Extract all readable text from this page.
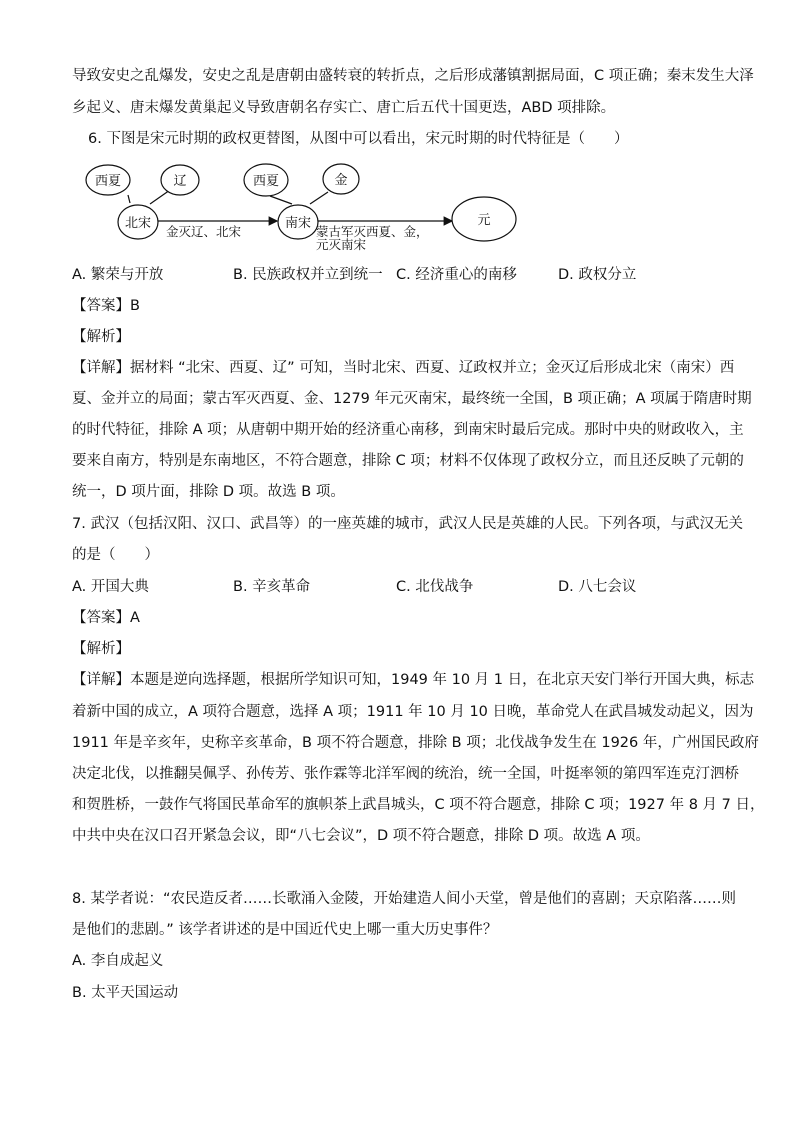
导致安史之乱爆发，安史之乱是唐朝由盛转衰的转折点，之后形成藩镇割据局面，C 项正确；秦末发生大泽
乡起义、唐末爆发黄巢起义导致唐朝名存实亡、唐亡后五代十国更迭，ABD 项排除。
6. 下图是宋元时期的政权更替图，从图中可以看出，宋元时期的时代特征是（　　）
西夏	辽
北宋
西夏	金
南宋	元
金灭辽、北宋	蒙古军灭西夏、金，
元灭南宋
A. 繁荣与开放	B. 民族政权并立到统一 C. 经济重心的南移	D. 政权分立
【答案】B
【解析】
【详解】据材料 “北宋、西夏、辽” 可知，当时北宋、西夏、辽政权并立；金灭辽后形成北宋（南宋）西
夏、金并立的局面；蒙古军灭西夏、金、1279 年元灭南宋，最终统一全国，B 项正确；A 项属于隋唐时期
的时代特征，排除 A 项；从唐朝中期开始的经济重心南移，到南宋时最后完成。那时中央的财政收入，主
要来自南方，特别是东南地区，不符合题意，排除 C 项；材料不仅体现了政权分立，而且还反映了元朝的
统一，D 项片面，排除 D 项。故选 B 项。
7. 武汉（包括汉阳、汉口、武昌等）的一座英雄的城市，武汉人民是英雄的人民。下列各项，与武汉无关
的是（　　）
A. 开国大典	B. 辛亥革命	C. 北伐战争	D. 八七会议
【答案】A
【解析】
【详解】本题是逆向选择题，根据所学知识可知，1949 年 10 月 1 日，在北京天安门举行开国大典，标志
着新中国的成立，A 项符合题意，选择 A 项；1911 年 10 月 10 日晚，革命党人在武昌城发动起义，因为
1911 年是辛亥年，史称辛亥革命，B 项不符合题意，排除 B 项；北伐战争发生在 1926 年，广州国民政府
决定北伐，以推翻吴佩孚、孙传芳、张作霖等北洋军阀的统治，统一全国，叶挺率领的第四军连克汀泗桥
和贺胜桥，一鼓作气将国民革命军的旗帜茶上武昌城头，C 项不符合题意，排除 C 项；1927 年 8 月 7 日，
中共中央在汉口召开紧急会议，即“八七会议”，D 项不符合题意，排除 D 项。故选 A 项。
8. 某学者说：“农民造反者……长歌涌入金陵，开始建造人间小天堂，曾是他们的喜剧；天京陷落……则
是他们的悲剧。” 该学者讲述的是中国近代史上哪一重大历史事件？
A. 李自成起义
B. 太平天国运动
